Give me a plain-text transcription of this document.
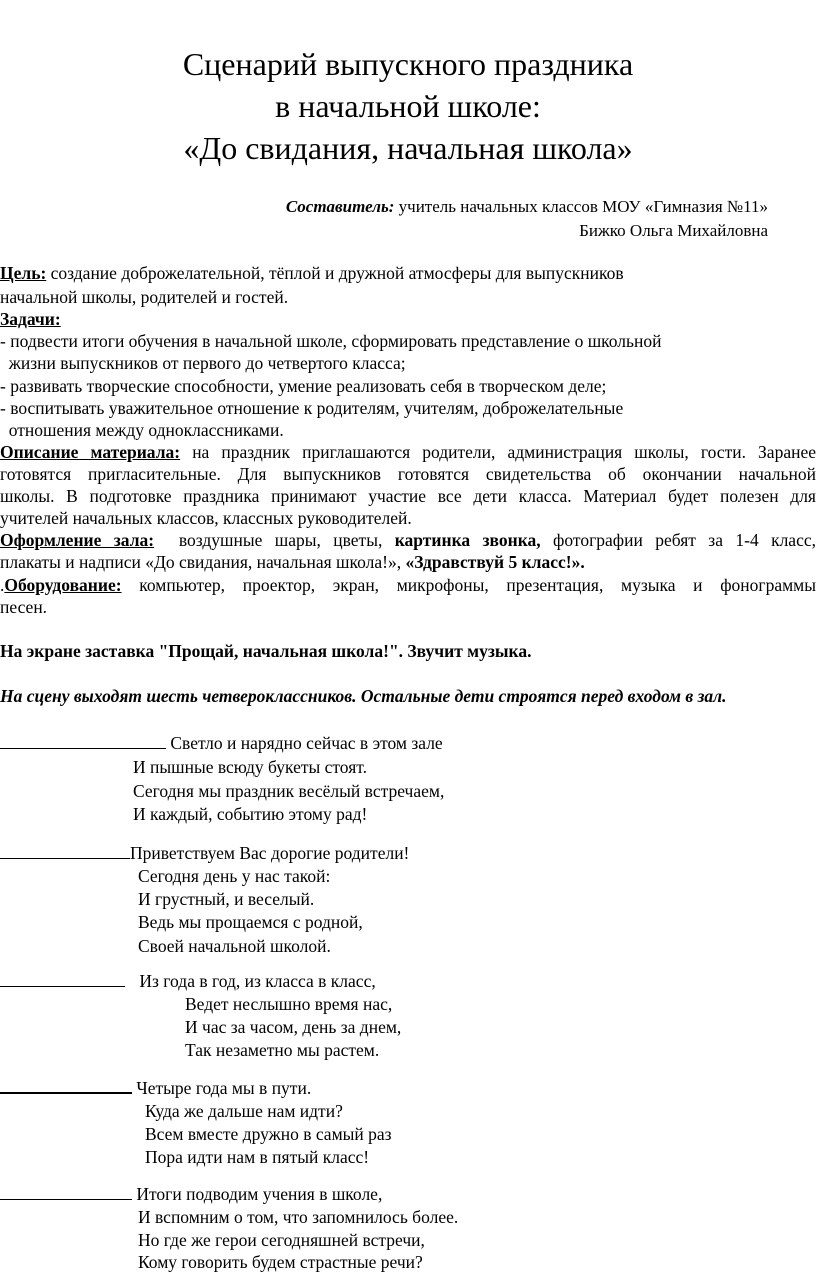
Сценарий выпускного праздника
в начальной школе:
«До свидания, начальная школа»
Составитель: учитель начальных классов МОУ «Гимназия №11»
Бижко Ольга Михайловна
Цель: создание доброжелательной, тёплой и дружной атмосферы для выпускников
начальной школы, родителей и гостей.
Задачи:
- подвести итоги обучения в начальной школе, сформировать представление о школьной
жизни выпускников от первого до четвертого класса;
- развивать творческие способности, умение реализовать себя в творческом деле;
- воспитывать уважительное отношение к родителям, учителям, доброжелательные
отношения между одноклассниками.
Описание материала: на праздник приглашаются родители, администрация школы, гости. Заранее
готовятся пригласительные. Для выпускников готовятся свидетельства об окончании начальной
школы. В подготовке праздника принимают участие все дети класса. Материал будет полезен для
учителей начальных классов, классных руководителей.
Оформление зала:  воздушные шары, цветы, картинка звонка, фотографии ребят за 1-4 класс,
плакаты и надписи «До свидания, начальная школа!», «Здравствуй 5 класс!».
.Оборудование: компьютер, проектор, экран, микрофоны, презентация, музыка и фонограммы
песен.
На экране заставка "Прощай, начальная школа!". Звучит музыка.
На сцену выходят шесть четвероклассников. Остальные дети строятся перед входом в зал.
Светло и нарядно сейчас в этом зале
И пышные всюду букеты стоят.
Сегодня мы праздник весёлый встречаем,
И каждый, событию этому рад!
Приветствуем Вас дорогие родители!
Сегодня день у нас такой:
И грустный, и веселый.
Ведь мы прощаемся с родной,
Своей начальной школой.
Из года в год, из класса в класс,
Ведет неслышно время нас,
И час за часом, день за днем,
Так незаметно мы растем.
Четыре года мы в пути.
Куда же дальше нам идти?
Всем вместе дружно в самый раз
Пора идти нам в пятый класс!
Итоги подводим учения в школе,
И вспомним о том, что запомнилось более.
Но где же герои сегодняшней встречи,
Кому говорить будем страстные речи?
